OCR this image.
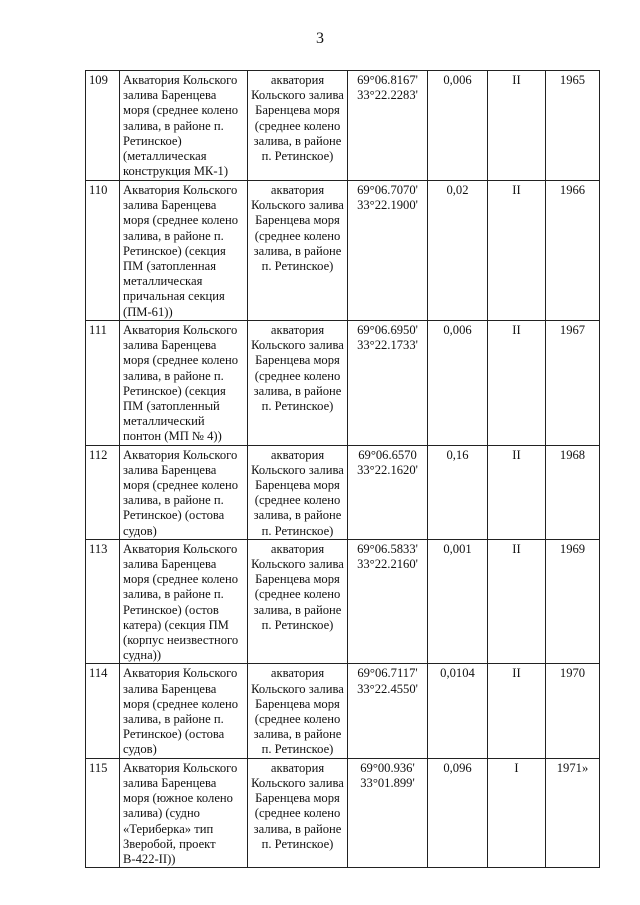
3
109	Акватория Кольского залива Баренцева моря (среднее колено залива, в районе п. Ретинское) (металлическая конструкция МК-1)	акватория Кольского залива Баренцева моря (среднее колено залива, в районе п. Ретинское)	69°06.8167' 33°22.2283'	0,006	II	1965
110	Акватория Кольского залива Баренцева моря (среднее колено залива, в районе п. Ретинское) (секция ПМ (затопленная металлическая причальная секция (ПМ-61))	акватория Кольского залива Баренцева моря (среднее колено залива, в районе п. Ретинское)	69°06.7070' 33°22.1900'	0,02	II	1966
111	Акватория Кольского залива Баренцева моря (среднее колено залива, в районе п. Ретинское) (секция ПМ (затопленный металлический понтон (МП № 4))	акватория Кольского залива Баренцева моря (среднее колено залива, в районе п. Ретинское)	69°06.6950' 33°22.1733'	0,006	II	1967
112	Акватория Кольского залива Баренцева моря (среднее колено залива, в районе п. Ретинское) (остова судов)	акватория Кольского залива Баренцева моря (среднее колено залива, в районе п. Ретинское)	69°06.6570 33°22.1620'	0,16	II	1968
113	Акватория Кольского залива Баренцева моря (среднее колено залива, в районе п. Ретинское) (остов катера) (секция ПМ (корпус неизвестного судна))	акватория Кольского залива Баренцева моря (среднее колено залива, в районе п. Ретинское)	69°06.5833' 33°22.2160'	0,001	II	1969
114	Акватория Кольского залива Баренцева моря (среднее колено залива, в районе п. Ретинское) (остова судов)	акватория Кольского залива Баренцева моря (среднее колено залива, в районе п. Ретинское)	69°06.7117' 33°22.4550'	0,0104	II	1970
115	Акватория Кольского залива Баренцева моря (южное колено залива) (судно «Териберка» тип Зверобой, проект В-422-II))	акватория Кольского залива Баренцева моря (среднее колено залива, в районе п. Ретинское)	69°00.936' 33°01.899'	0,096	I	1971»
